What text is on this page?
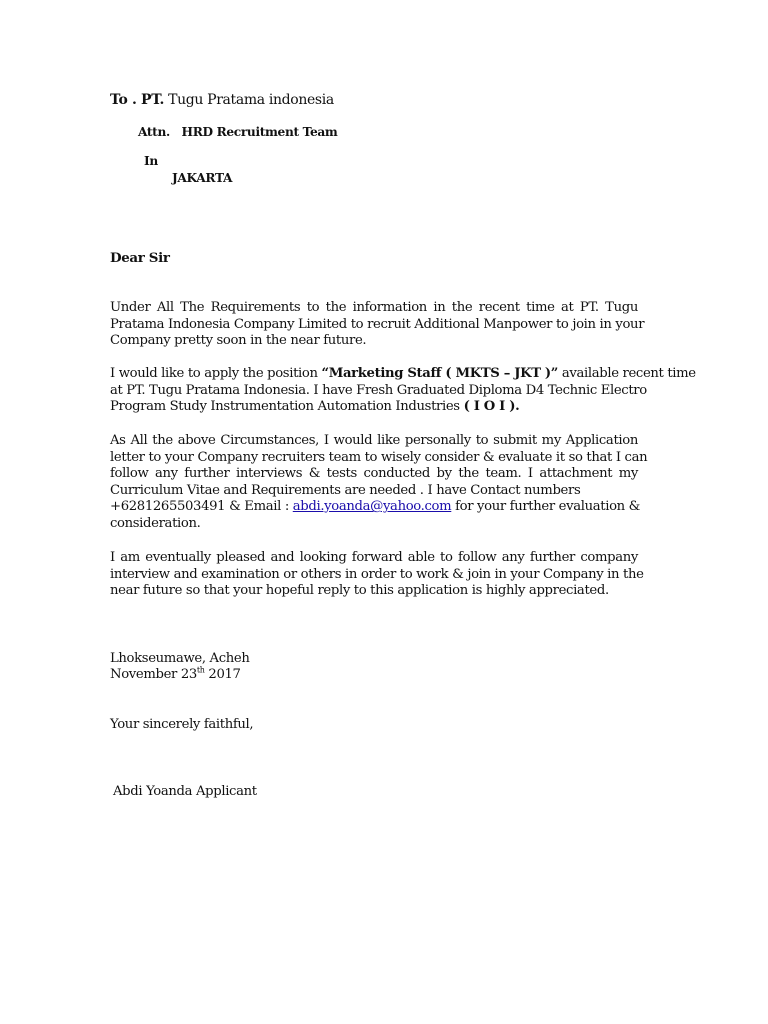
To . PT. Tugu Pratama indonesia
Attn. HRD Recruitment Team
In
JAKARTA
Dear Sir
Under All The Requirements to the information in the recent time at PT. Tugu
Pratama Indonesia Company Limited to recruit Additional Manpower to join in your
Company pretty soon in the near future.
I would like to apply the position “Marketing Staff ( MKTS – JKT )” available recent time
at PT. Tugu Pratama Indonesia. I have Fresh Graduated Diploma D4 Technic Electro
Program Study Instrumentation Automation Industries ( I O I ).
As All the above Circumstances, I would like personally to submit my Application
letter to your Company recruiters team to wisely consider & evaluate it so that I can
follow any further interviews & tests conducted by the team. I attachment my
Curriculum Vitae and Requirements are needed . I have Contact numbers
+6281265503491 & Email : abdi.yoanda@yahoo.com for your further evaluation &
consideration.
I am eventually pleased and looking forward able to follow any further company
interview and examination or others in order to work & join in your Company in the
near future so that your hopeful reply to this application is highly appreciated.
Lhokseumawe, Acheh
November 23th 2017
Your sincerely faithful,
Abdi Yoanda Applicant
